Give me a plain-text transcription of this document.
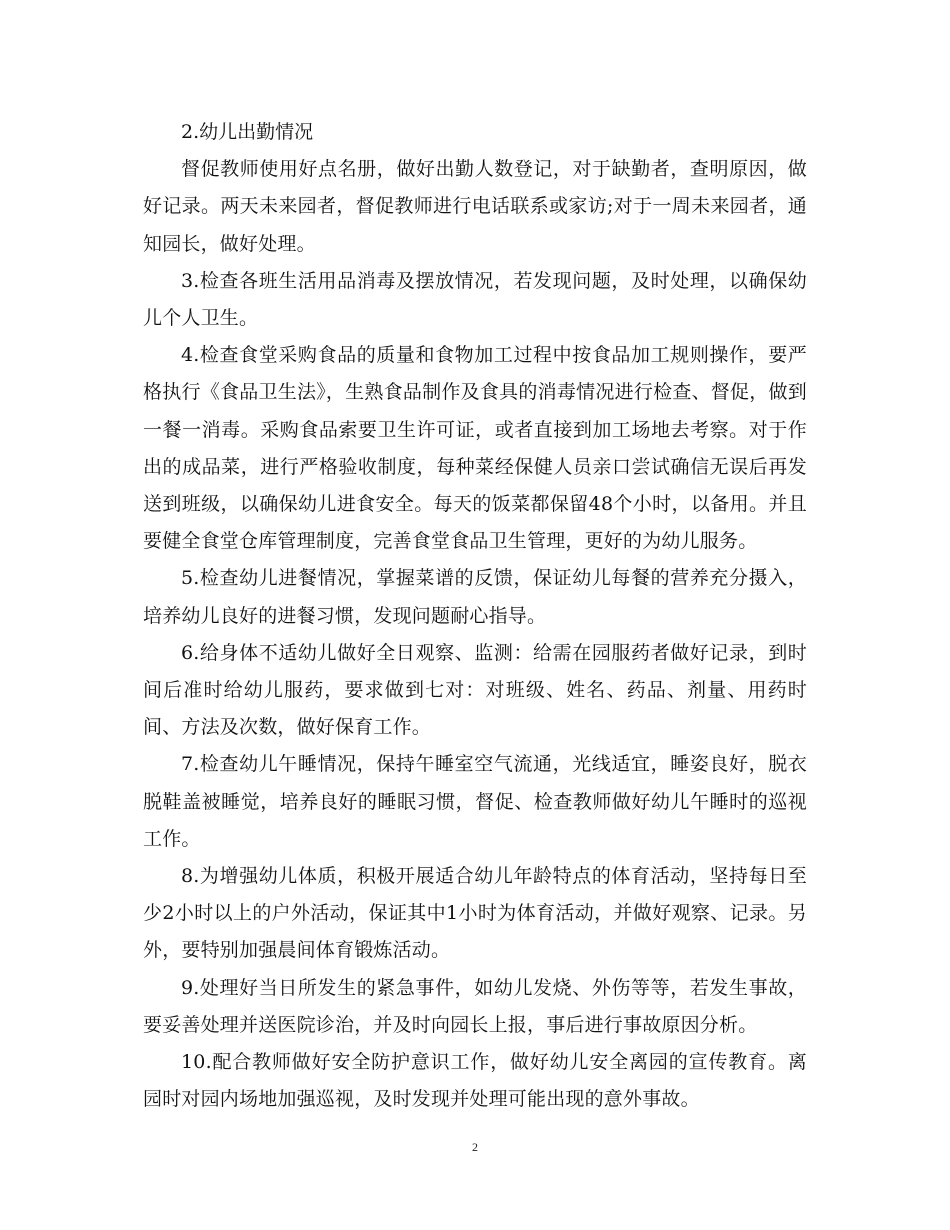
2.幼儿出勤情况

督促教师使用好点名册，做好出勤人数登记，对于缺勤者，查明原因，做好记录。两天未来园者，督促教师进行电话联系或家访;对于一周未来园者，通知园长，做好处理。

3.检查各班生活用品消毒及摆放情况，若发现问题，及时处理，以确保幼儿个人卫生。

4.检查食堂采购食品的质量和食物加工过程中按食品加工规则操作，要严格执行《食品卫生法》，生熟食品制作及食具的消毒情况进行检查、督促，做到一餐一消毒。采购食品索要卫生许可证，或者直接到加工场地去考察。对于作出的成品菜，进行严格验收制度，每种菜经保健人员亲口尝试确信无误后再发送到班级，以确保幼儿进食安全。每天的饭菜都保留48个小时，以备用。并且要健全食堂仓库管理制度，完善食堂食品卫生管理，更好的为幼儿服务。

5.检查幼儿进餐情况，掌握菜谱的反馈，保证幼儿每餐的营养充分摄入，培养幼儿良好的进餐习惯，发现问题耐心指导。

6.给身体不适幼儿做好全日观察、监测：给需在园服药者做好记录，到时间后准时给幼儿服药，要求做到七对：对班级、姓名、药品、剂量、用药时间、方法及次数，做好保育工作。

7.检查幼儿午睡情况，保持午睡室空气流通，光线适宜，睡姿良好，脱衣脱鞋盖被睡觉，培养良好的睡眠习惯，督促、检查教师做好幼儿午睡时的巡视工作。

8.为增强幼儿体质，积极开展适合幼儿年龄特点的体育活动，坚持每日至少2小时以上的户外活动，保证其中1小时为体育活动，并做好观察、记录。另外，要特别加强晨间体育锻炼活动。

9.处理好当日所发生的紧急事件，如幼儿发烧、外伤等等，若发生事故，要妥善处理并送医院诊治，并及时向园长上报，事后进行事故原因分析。

10.配合教师做好安全防护意识工作，做好幼儿安全离园的宣传教育。离园时对园内场地加强巡视，及时发现并处理可能出现的意外事故。

2
